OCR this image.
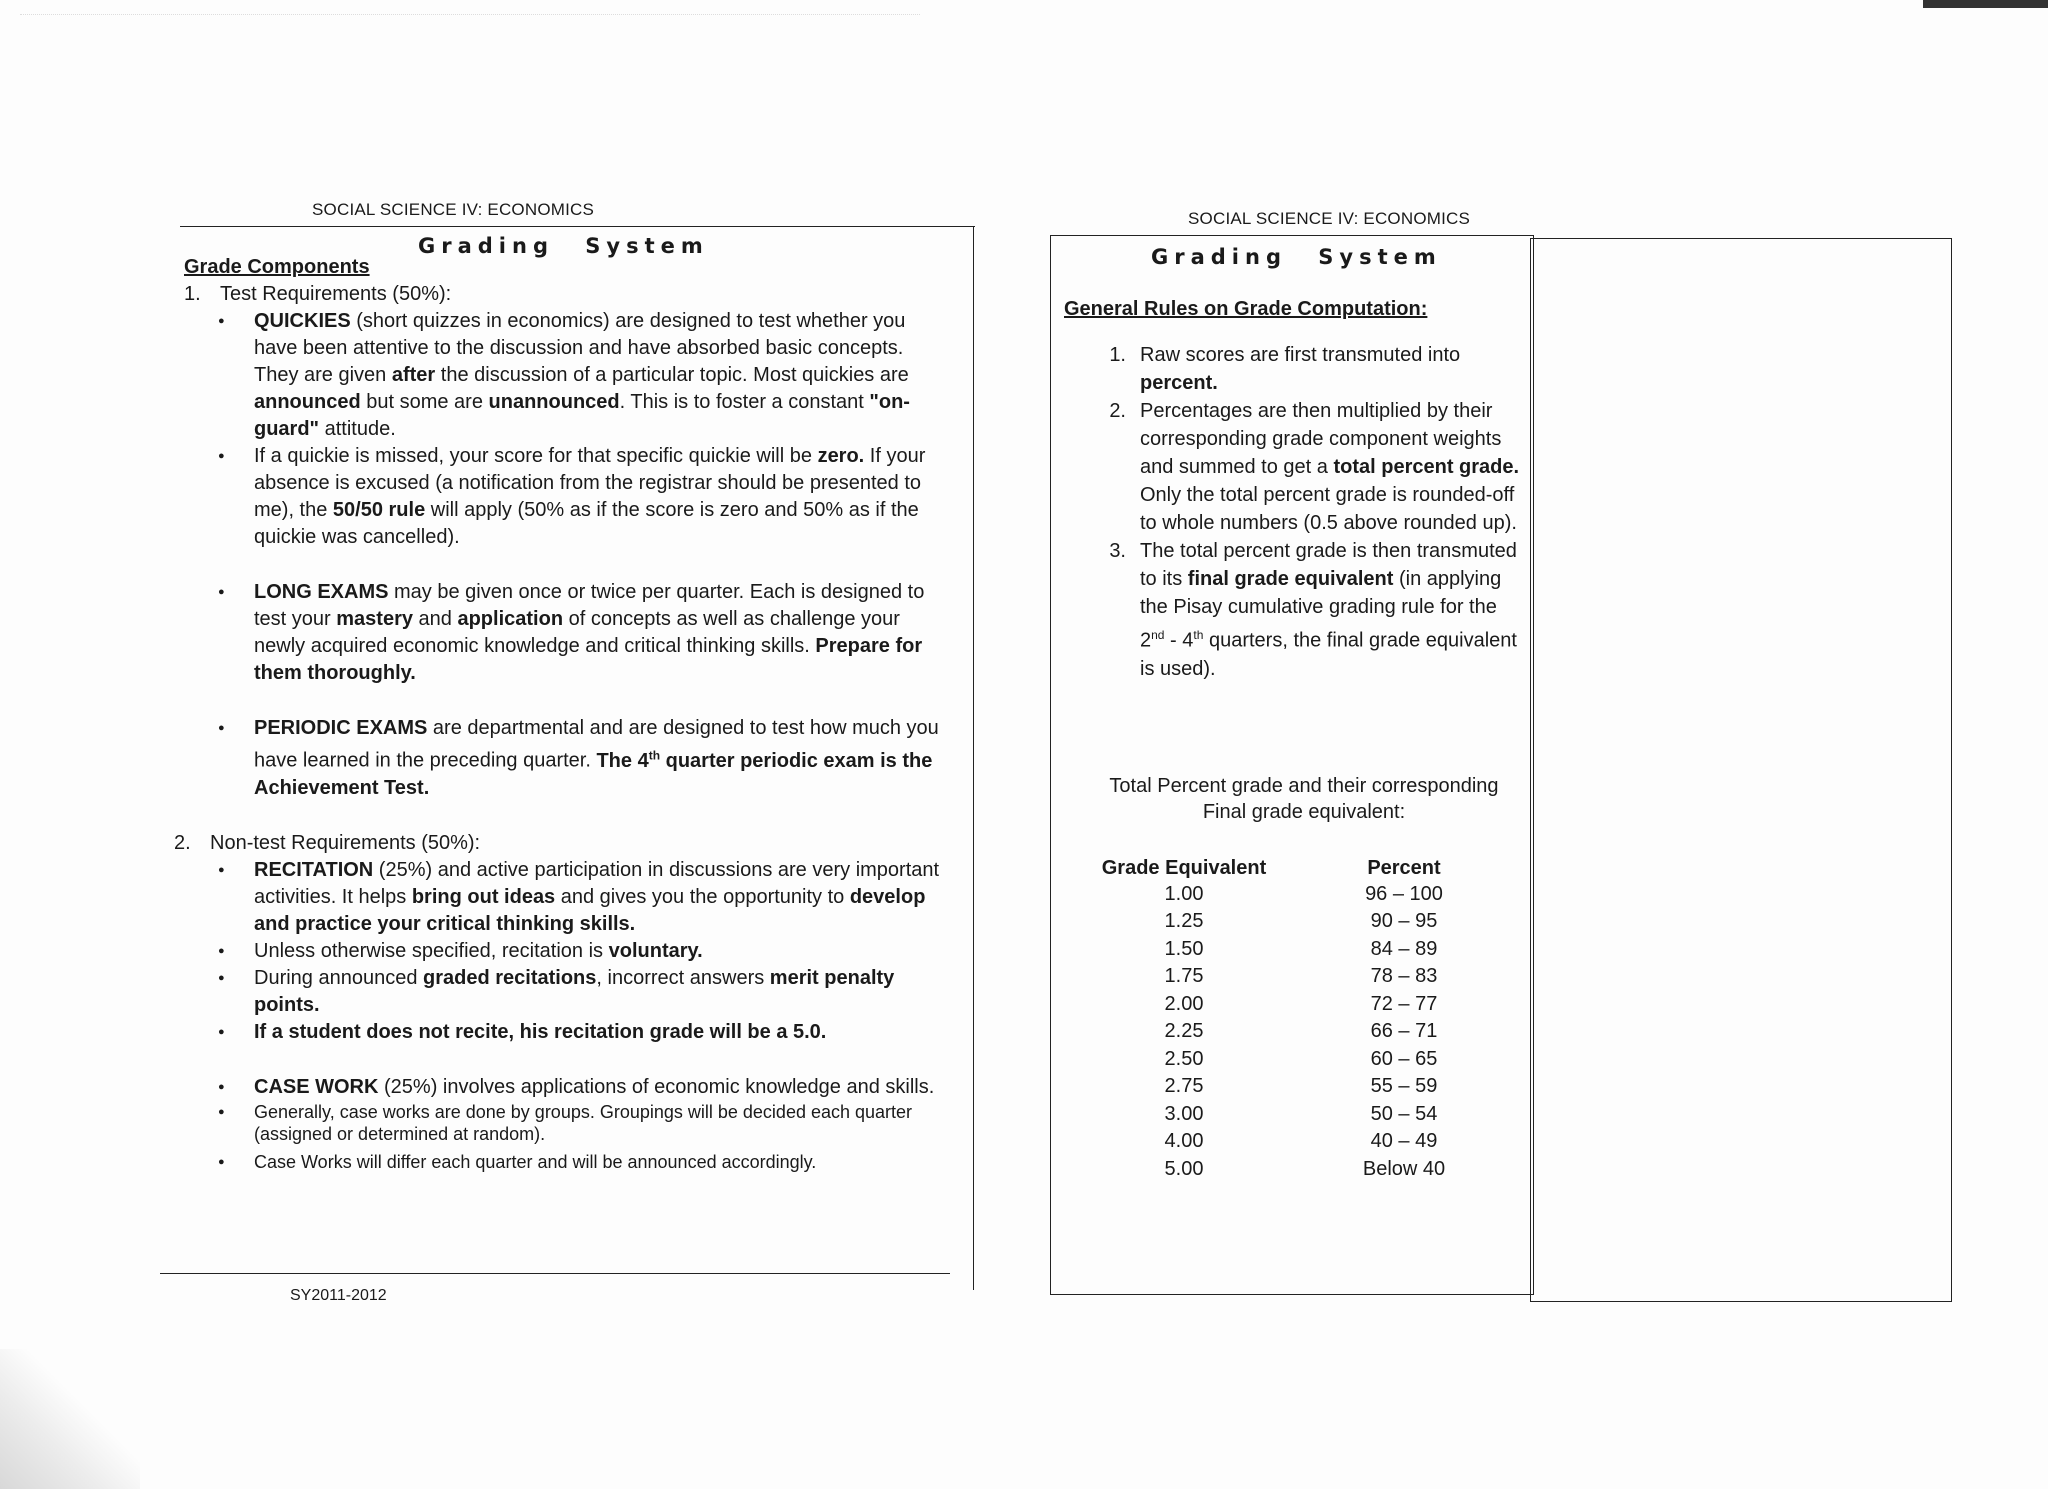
SOCIAL SCIENCE IV: ECONOMICS
Grading System
Grade Components
1. Test Requirements (50%):
● QUICKIES (short quizzes in economics) are designed to test whether you have been attentive to the discussion and have absorbed basic concepts. They are given after the discussion of a particular topic. Most quickies are announced but some are unannounced. This is to foster a constant "on-guard" attitude.
● If a quickie is missed, your score for that specific quickie will be zero. If your absence is excused (a notification from the registrar should be presented to me), the 50/50 rule will apply (50% as if the score is zero and 50% as if the quickie was cancelled).
● LONG EXAMS may be given once or twice per quarter. Each is designed to test your mastery and application of concepts as well as challenge your newly acquired economic knowledge and critical thinking skills. Prepare for them thoroughly.
● PERIODIC EXAMS are departmental and are designed to test how much you have learned in the preceding quarter. The 4th quarter periodic exam is the Achievement Test.
2. Non-test Requirements (50%):
● RECITATION (25%) and active participation in discussions are very important activities. It helps bring out ideas and gives you the opportunity to develop and practice your critical thinking skills.
● Unless otherwise specified, recitation is voluntary.
● During announced graded recitations, incorrect answers merit penalty points.
● If a student does not recite, his recitation grade will be a 5.0.
● CASE WORK (25%) involves applications of economic knowledge and skills.
● Generally, case works are done by groups. Groupings will be decided each quarter (assigned or determined at random).
● Case Works will differ each quarter and will be announced accordingly.
SY2011-2012
SOCIAL SCIENCE IV: ECONOMICS
Grading System
General Rules on Grade Computation:
1. Raw scores are first transmuted into percent.
2. Percentages are then multiplied by their corresponding grade component weights and summed to get a total percent grade. Only the total percent grade is rounded-off to whole numbers (0.5 above rounded up).
3. The total percent grade is then transmuted to its final grade equivalent (in applying the Pisay cumulative grading rule for the 2nd - 4th quarters, the final grade equivalent is used).
Total Percent grade and their corresponding
Final grade equivalent:
Grade Equivalent	Percent
1.00	96 – 100
1.25	90 – 95
1.50	84 – 89
1.75	78 – 83
2.00	72 – 77
2.25	66 – 71
2.50	60 – 65
2.75	55 – 59
3.00	50 – 54
4.00	40 – 49
5.00	Below 40
